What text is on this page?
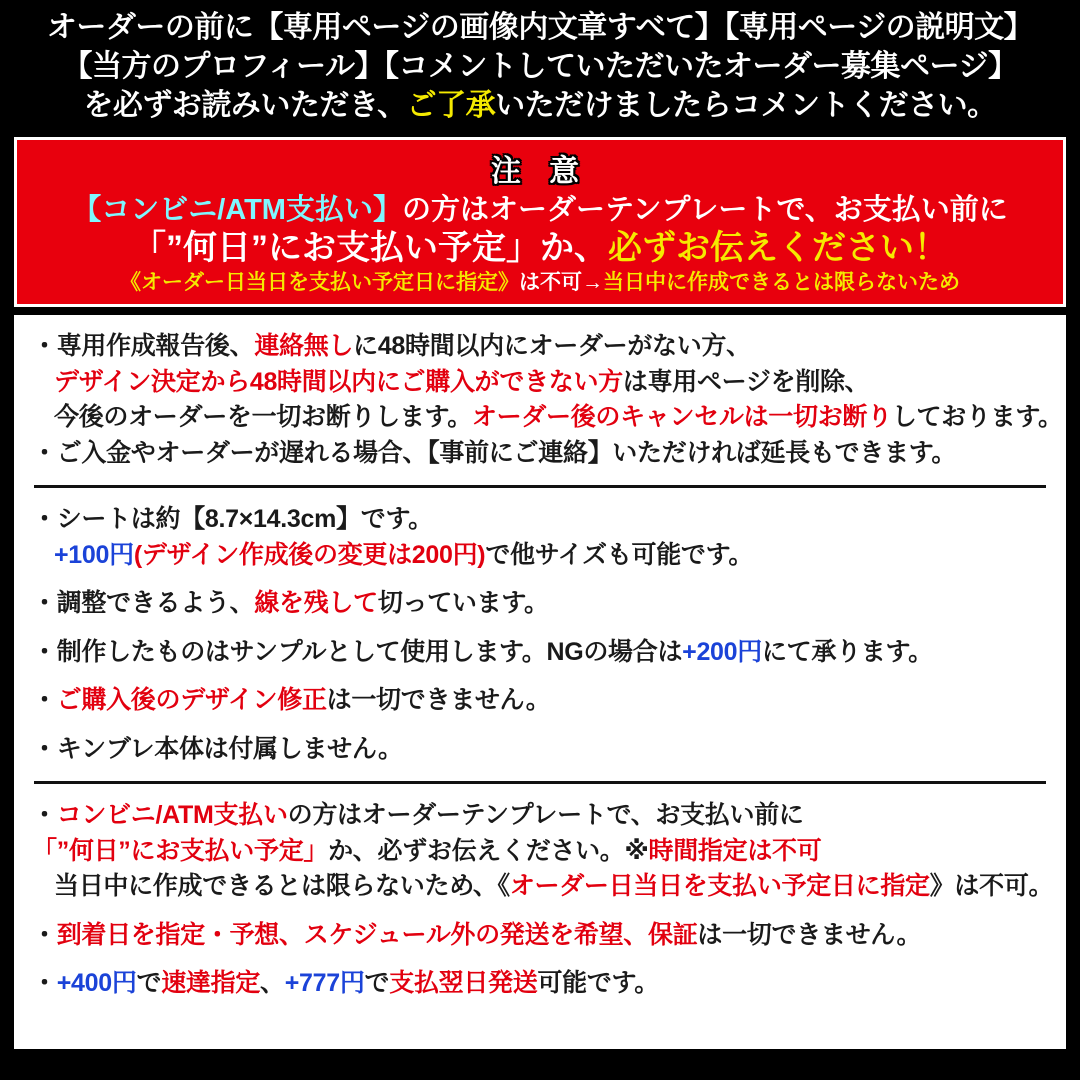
オーダーの前に【専用ページの画像内文章すべて】【専用ページの説明文】
【当方のプロフィール】【コメントしていただいたオーダー募集ページ】
を必ずお読みいただき、ご了承いただけましたらコメントください。
注 意
【コンビニ/ATM支払い】の方はオーダーテンプレートで、お支払い前に
「”何日”にお支払い予定」か、必ずお伝えください！
《オーダー日当日を支払い予定日に指定》は不可→当日中に作成できるとは限らないため
・専用作成報告後、連絡無しに48時間以内にオーダーがない方、
デザイン決定から48時間以内にご購入ができない方は専用ページを削除、
今後のオーダーを一切お断りします。オーダー後のキャンセルは一切お断りしております。
・ご入金やオーダーが遅れる場合、【事前にご連絡】いただければ延長もできます。
・シートは約【8.7×14.3cm】です。
+100円(デザイン作成後の変更は200円)で他サイズも可能です。
・調整できるよう、線を残して切っています。
・制作したものはサンプルとして使用します。NGの場合は+200円にて承ります。
・ご購入後のデザイン修正は一切できません。
・キンブレ本体は付属しません。
・コンビニ/ATM支払いの方はオーダーテンプレートで、お支払い前に
「”何日”にお支払い予定」か、必ずお伝えください。※時間指定は不可
当日中に作成できるとは限らないため、《オーダー日当日を支払い予定日に指定》は不可。
・到着日を指定・予想、スケジュール外の発送を希望、保証は一切できません。
・+400円で速達指定、+777円で支払翌日発送可能です。
